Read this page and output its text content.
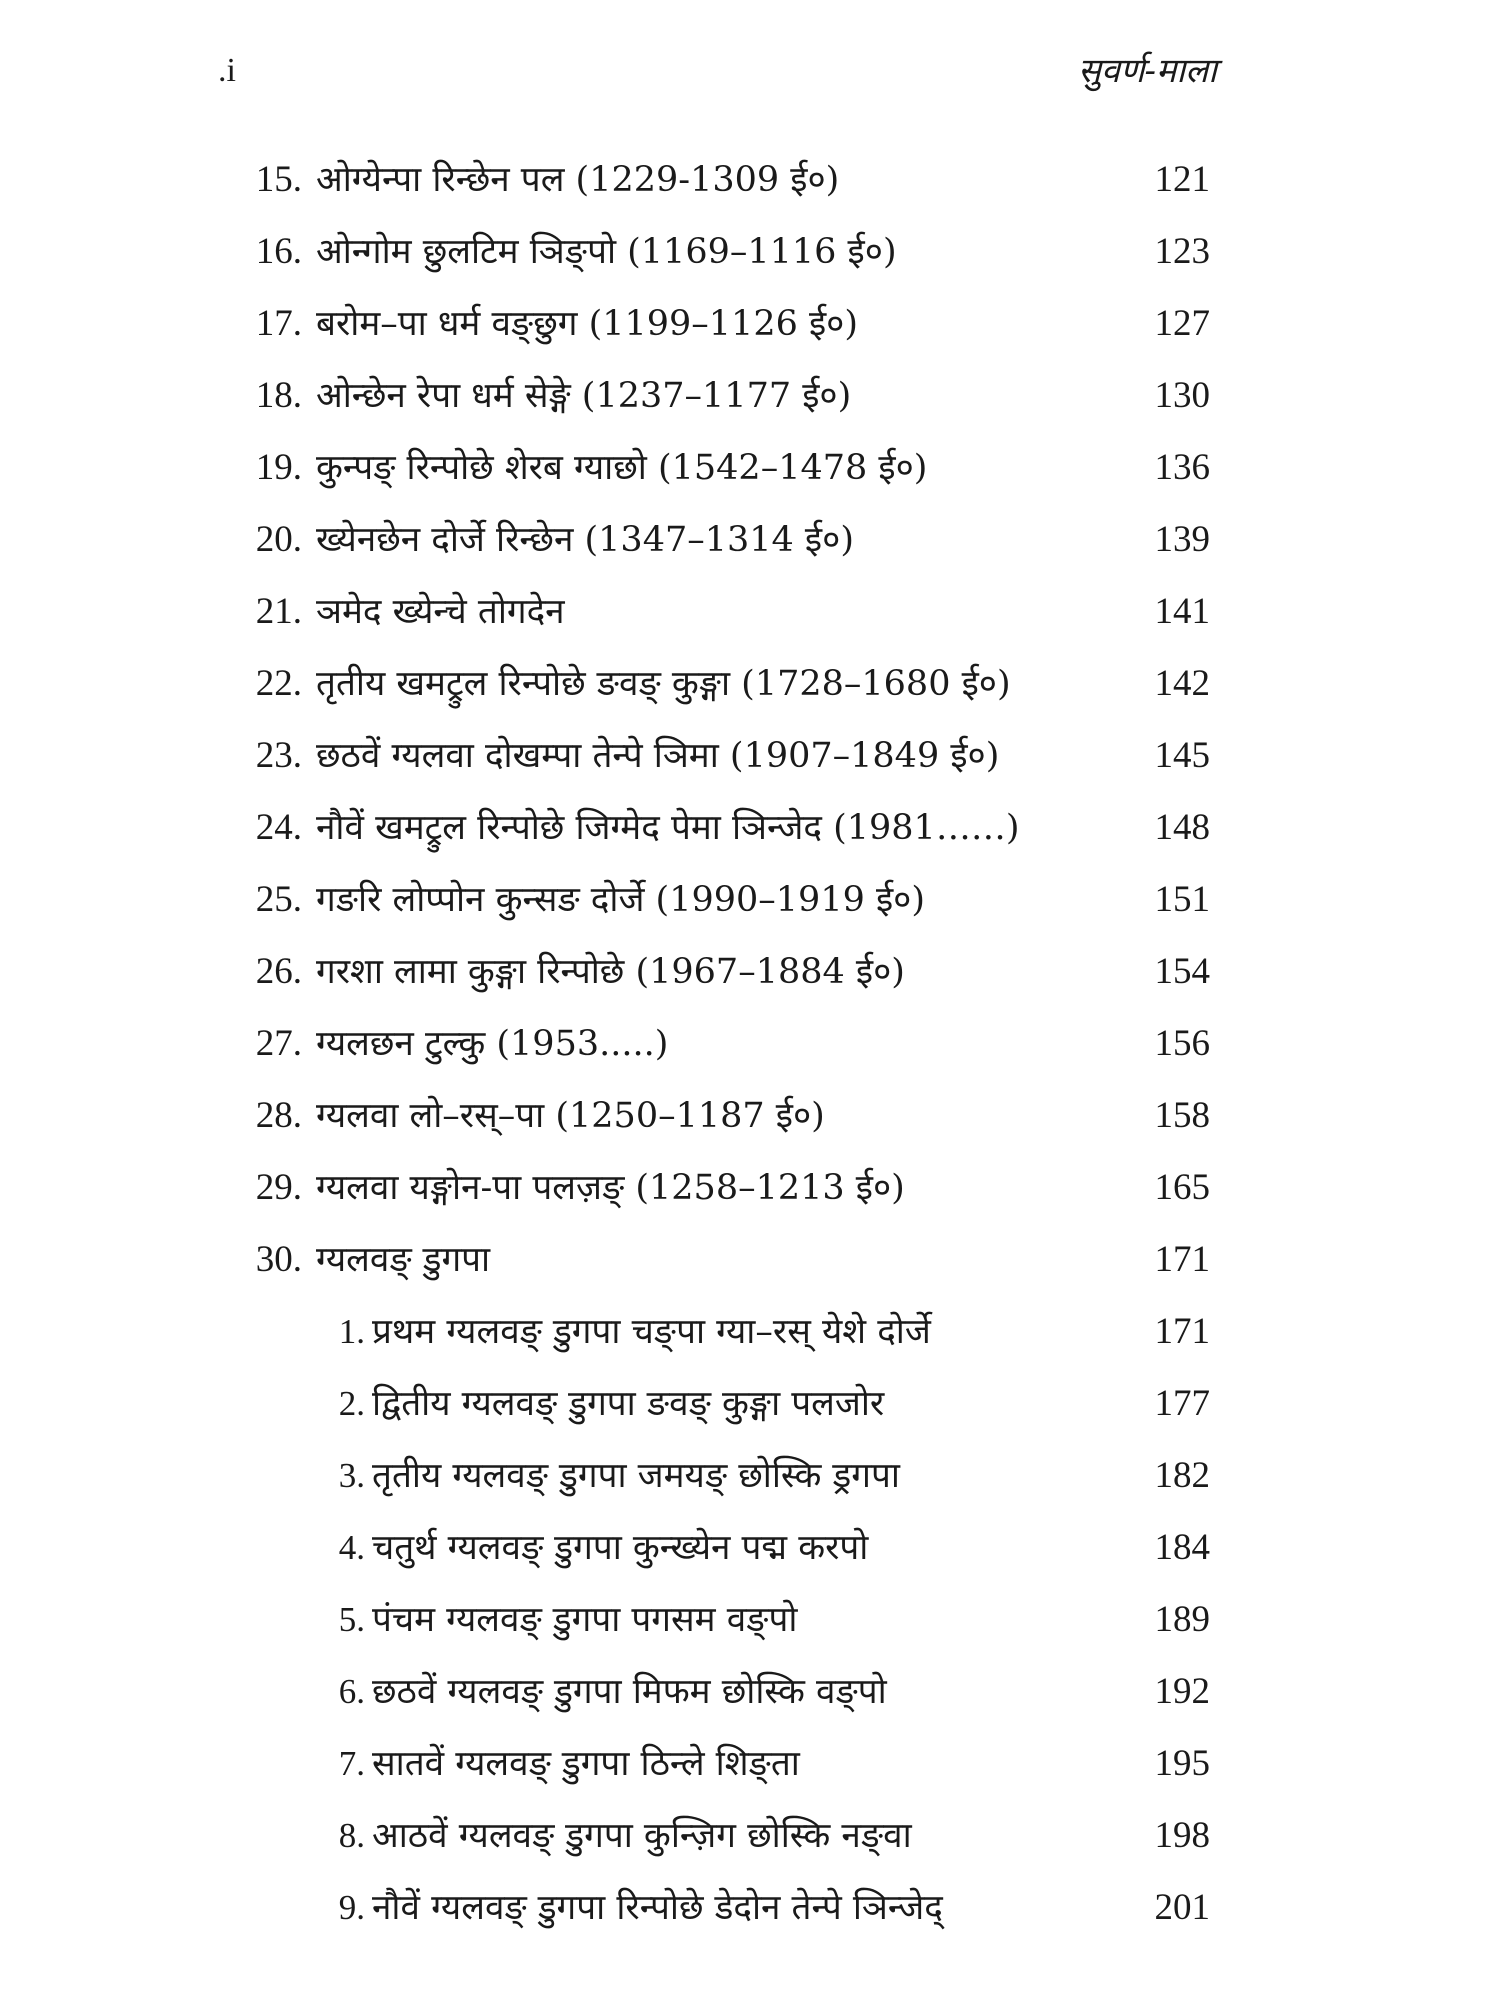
.i	सुवर्ण-माला
15. ओग्येन्पा रिन्छेन पल (1229-1309 ई०)	121
16. ओन्गोम छुलटिम ञिङ्पो (1169–1116 ई०)	123
17. बरोम–पा धर्म वङ्छुग (1199–1126 ई०)	127
18. ओन्छेन रेपा धर्म सेङ्गे (1237–1177 ई०)	130
19. कुन्पङ् रिन्पोछे शेरब ग्याछो (1542–1478 ई०)	136
20. ख्येनछेन दोर्जे रिन्छेन (1347–1314 ई०)	139
21. ञमेद ख्येन्चे तोगदेन	141
22. तृतीय खमट्रुल रिन्पोछे ङवङ् कुङ्गा (1728–1680 ई०)	142
23. छठवें ग्यलवा दोखम्पा तेन्पे ञिमा (1907–1849 ई०)	145
24. नौवें खमट्रुल रिन्पोछे जिग्मेद पेमा ञिन्जेद (1981……)	148
25. गङरि लोप्पोन कुन्सङ दोर्जे (1990–1919 ई०)	151
26. गरशा लामा कुङ्गा रिन्पोछे (1967–1884 ई०)	154
27. ग्यलछन टुल्कु (1953.....)	156
28. ग्यलवा लो–रस्–पा (1250–1187 ई०)	158
29. ग्यलवा यङ्गोन-पा पलज़ङ् (1258–1213 ई०)	165
30. ग्यलवङ् डुगपा	171
1. प्रथम ग्यलवङ् डुगपा चङ्पा ग्या–रस् येशे दोर्जे	171
2. द्वितीय ग्यलवङ् डुगपा ङवङ् कुङ्गा पलजोर	177
3. तृतीय ग्यलवङ् डुगपा जमयङ् छोस्कि ड्रगपा	182
4. चतुर्थ ग्यलवङ् डुगपा कुन्ख्येन पद्म करपो	184
5. पंचम ग्यलवङ् डुगपा पगसम वङ्पो	189
6. छठवें ग्यलवङ् डुगपा मिफम छोस्कि वङ्पो	192
7. सातवें ग्यलवङ् डुगपा ठिन्ले शिङ्ता	195
8. आठवें ग्यलवङ् डुगपा कुन्ज़िग छोस्कि नङ्वा	198
9. नौवें ग्यलवङ् डुगपा रिन्पोछे डेदोन तेन्पे ञिन्जेद्	201
